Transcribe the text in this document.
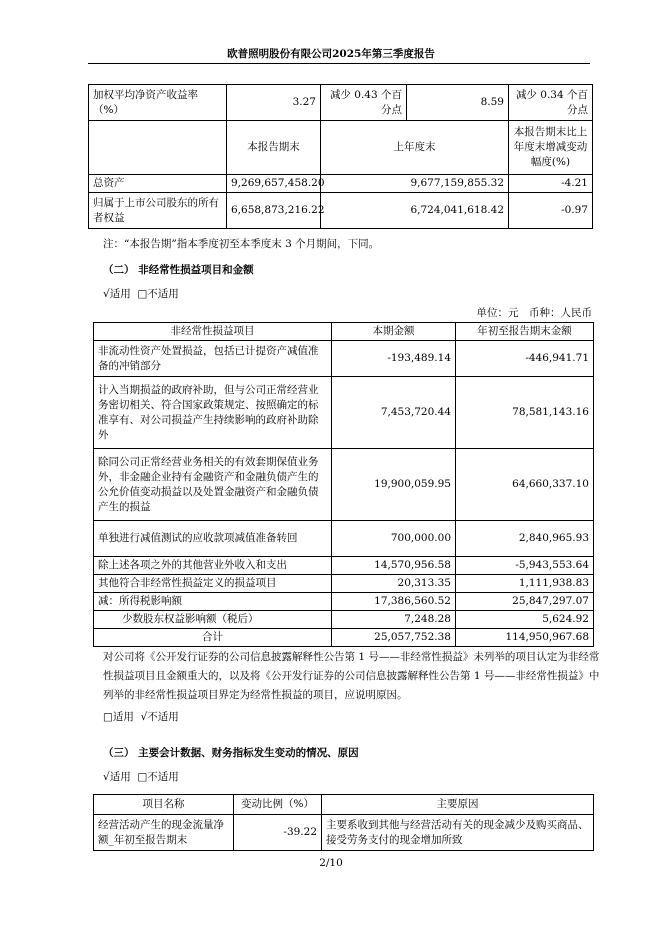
欧普照明股份有限公司2025年第三季度报告
加权平均净资产收益率（%）	3.27	减少 0.43 个百分点	8.59	减少 0.34 个百分点
	本报告期末	上年度末		本报告期末比上年度末增减变动幅度(%)
总资产	9,269,657,458.20	9,677,159,855.32		-4.21
归属于上市公司股东的所有者权益	6,658,873,216.22	6,724,041,618.42		-0.97
注：“本报告期”指本季度初至本季度末 3 个月期间，下同。
（二） 非经常性损益项目和金额
√适用 □不适用
单位：元　币种：人民币
非经常性损益项目	本期金额	年初至报告期末金额
非流动性资产处置损益，包括已计提资产减值准备的冲销部分	-193,489.14	-446,941.71
计入当期损益的政府补助，但与公司正常经营业务密切相关、符合国家政策规定、按照确定的标准享有、对公司损益产生持续影响的政府补助除外	7,453,720.44	78,581,143.16
除同公司正常经营业务相关的有效套期保值业务外，非金融企业持有金融资产和金融负债产生的公允价值变动损益以及处置金融资产和金融负债产生的损益	19,900,059.95	64,660,337.10
单独进行减值测试的应收款项减值准备转回	700,000.00	2,840,965.93
除上述各项之外的其他营业外收入和支出	14,570,956.58	-5,943,553.64
其他符合非经常性损益定义的损益项目	20,313.35	1,111,938.83
减：所得税影响额	17,386,560.52	25,847,297.07
少数股东权益影响额（税后）	7,248.28	5,624.92
合计	25,057,752.38	114,950,967.68
对公司将《公开发行证券的公司信息披露解释性公告第 1 号——非经常性损益》未列举的项目认定为非经常性损益项目且金额重大的，以及将《公开发行证券的公司信息披露解释性公告第 1 号——非经常性损益》中列举的非经常性损益项目界定为经常性损益的项目，应说明原因。
□适用 √不适用
（三） 主要会计数据、财务指标发生变动的情况、原因
√适用 □不适用
项目名称	变动比例（%）	主要原因
经营活动产生的现金流量净额_年初至报告期末	-39.22	主要系收到其他与经营活动有关的现金减少及购买商品、接受劳务支付的现金增加所致
2/10
